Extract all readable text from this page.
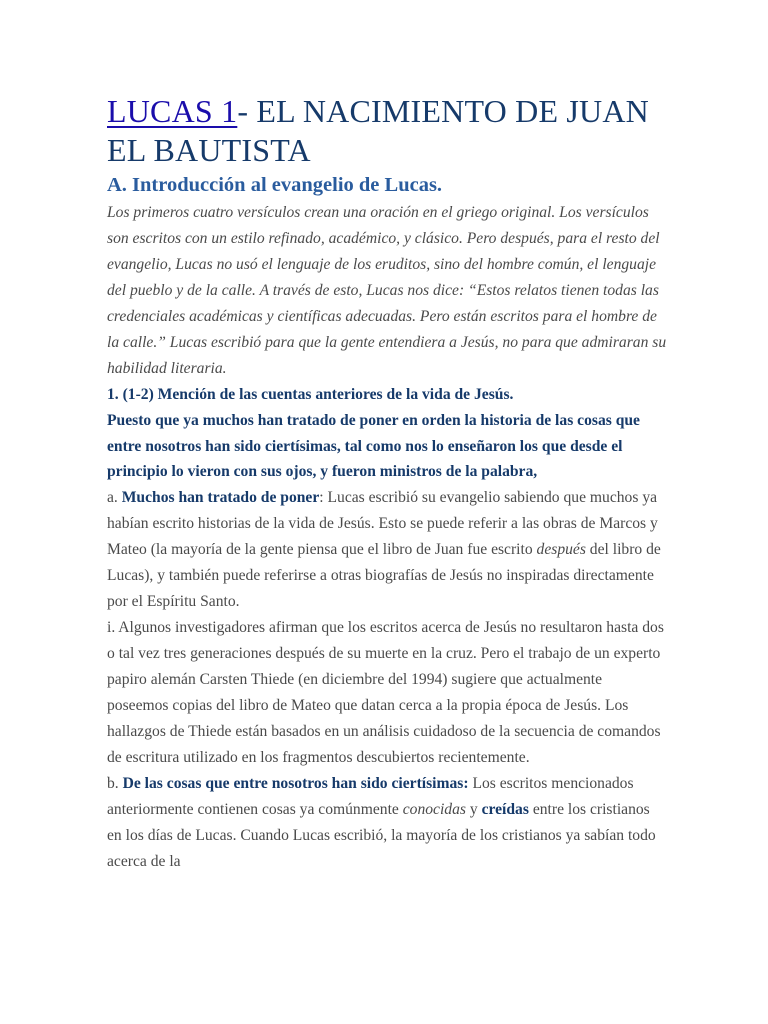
LUCAS 1- EL NACIMIENTO DE JUAN EL BAUTISTA
A. Introducción al evangelio de Lucas.

Los primeros cuatro versículos crean una oración en el griego original. Los versículos son escritos con un estilo refinado, académico, y clásico. Pero después, para el resto del evangelio, Lucas no usó el lenguaje de los eruditos, sino del hombre común, el lenguaje del pueblo y de la calle. A través de esto, Lucas nos dice: “Estos relatos tienen todas las credenciales académicas y científicas adecuadas. Pero están escritos para el hombre de la calle.” Lucas escribió para que la gente entendiera a Jesús, no para que admiraran su habilidad literaria.

1. (1-2) Mención de las cuentas anteriores de la vida de Jesús.

Puesto que ya muchos han tratado de poner en orden la historia de las cosas que entre nosotros han sido ciertísimas, tal como nos lo enseñaron los que desde el principio lo vieron con sus ojos, y fueron ministros de la palabra,

a. Muchos han tratado de poner: Lucas escribió su evangelio sabiendo que muchos ya habían escrito historias de la vida de Jesús. Esto se puede referir a las obras de Marcos y Mateo (la mayoría de la gente piensa que el libro de Juan fue escrito después del libro de Lucas), y también puede referirse a otras biografías de Jesús no inspiradas directamente por el Espíritu Santo.

i. Algunos investigadores afirman que los escritos acerca de Jesús no resultaron hasta dos o tal vez tres generaciones después de su muerte en la cruz. Pero el trabajo de un experto papiro alemán Carsten Thiede (en diciembre del 1994) sugiere que actualmente poseemos copias del libro de Mateo que datan cerca a la propia época de Jesús. Los hallazgos de Thiede están basados en un análisis cuidadoso de la secuencia de comandos de escritura utilizado en los fragmentos descubiertos recientemente.

b. De las cosas que entre nosotros han sido ciertísimas: Los escritos mencionados anteriormente contienen cosas ya comúnmente conocidas y creídas entre los cristianos en los días de Lucas. Cuando Lucas escribió, la mayoría de los cristianos ya sabían todo acerca de la
